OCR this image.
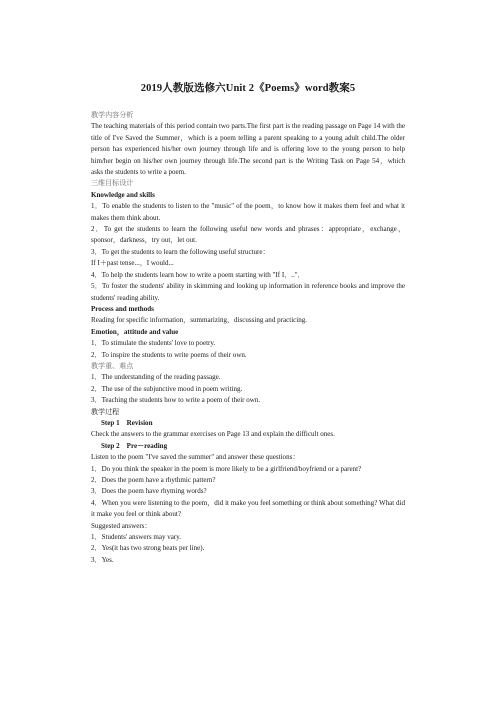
2019人教版选修六Unit 2《Poems》word教案5

教学内容分析

The teaching materials of this period contain two parts.The first part is the reading passage on Page 14 with the title of I've Saved the Summer，which is a poem telling a parent speaking to a young adult child.The older person has experienced his/her own journey through life and is offering love to the young person to help him/her begin on his/her own journey through life.The second part is the Writing Task on Page 54，which asks the students to write a poem.

三维目标设计

Knowledge and skills

1．To enable the students to listen to the "music" of the poem，to know how it makes them feel and what it makes them think about.

2．To get the students to learn the following useful new words and phrases：appropriate，exchange，sponsor，darkness，try out，let out.

3．To get the students to learn the following useful structure：

If I＋past tense...，I would...

4．To help the students learn how to write a poem starting with "If I．.."．

5．To foster the students' ability in skimming and looking up information in reference books and improve the students' reading ability.

Process and methods

Reading for specific information，summarizing，discussing and practicing.

Emotion，attitude and value

1．To stimulate the students' love to poetry.

2．To inspire the students to write poems of their own.

教学重、难点

1．The understanding of the reading passage.

2．The use of the subjunctive mood in poem writing.

3．Teaching the students how to write a poem of their own.

教学过程

Step 1　Revision

Check the answers to the grammar exercises on Page 13 and explain the difficult ones.

Step 2　Pre－reading

Listen to the poem "I've saved the summer" and answer these questions：

1．Do you think the speaker in the poem is more likely to be a girlfriend/boyfriend or a parent?

2．Does the poem have a rhythmic pattern?

3．Does the poem have rhyming words?

4．When you were listening to the poem，did it make you feel something or think about something? What did it make you feel or think about?

Suggested answers：

1．Students' answers may vary.

2．Yes(it has two strong beats per line).

3．Yes.
